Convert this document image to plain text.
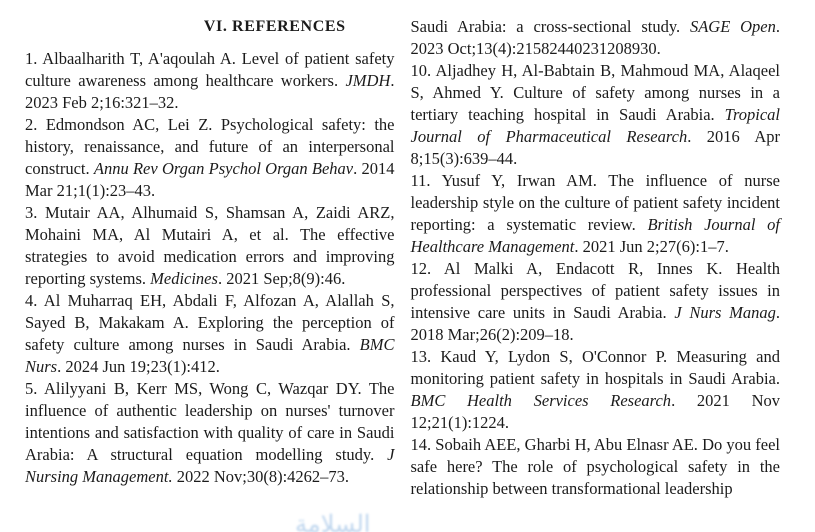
VI. REFERENCES

1. Albaalharith T, A'aqoulah A. Level of patient safety culture awareness among healthcare workers. JMDH. 2023 Feb 2;16:321–32.

2. Edmondson AC, Lei Z. Psychological safety: the history, renaissance, and future of an interpersonal construct. Annu Rev Organ Psychol Organ Behav. 2014 Mar 21;1(1):23–43.

3. Mutair AA, Alhumaid S, Shamsan A, Zaidi ARZ, Mohaini MA, Al Mutairi A, et al. The effective strategies to avoid medication errors and improving reporting systems. Medicines. 2021 Sep;8(9):46.

4. Al Muharraq EH, Abdali F, Alfozan A, Alallah S, Sayed B, Makakam A. Exploring the perception of safety culture among nurses in Saudi Arabia. BMC Nurs. 2024 Jun 19;23(1):412.

5. Alilyyani B, Kerr MS, Wong C, Wazqar DY. The influence of authentic leadership on nurses' turnover intentions and satisfaction with quality of care in Saudi Arabia: A structural equation modelling study. J Nursing Management. 2022 Nov;30(8):4262–73.

Saudi Arabia: a cross-sectional study. SAGE Open. 2023 Oct;13(4):21582440231208930.

10. Aljadhey H, Al-Babtain B, Mahmoud MA, Alaqeel S, Ahmed Y. Culture of safety among nurses in a tertiary teaching hospital in Saudi Arabia. Tropical Journal of Pharmaceutical Research. 2016 Apr 8;15(3):639–44.

11. Yusuf Y, Irwan AM. The influence of nurse leadership style on the culture of patient safety incident reporting: a systematic review. British Journal of Healthcare Management. 2021 Jun 2;27(6):1–7.

12. Al Malki A, Endacott R, Innes K. Health professional perspectives of patient safety issues in intensive care units in Saudi Arabia. J Nurs Manag. 2018 Mar;26(2):209–18.

13. Kaud Y, Lydon S, O'Connor P. Measuring and monitoring patient safety in hospitals in Saudi Arabia. BMC Health Services Research. 2021 Nov 12;21(1):1224.

14. Sobaih AEE, Gharbi H, Abu Elnasr AE. Do you feel safe here? The role of psychological safety in the relationship between transformational leadership

السلامة
